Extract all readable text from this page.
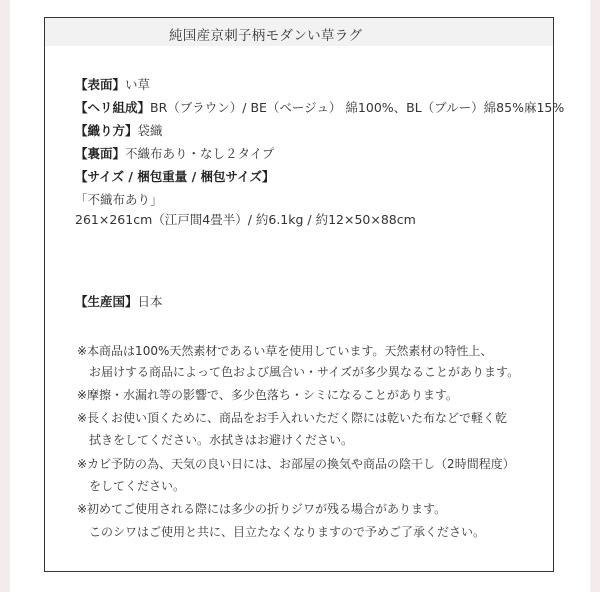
純国産京刺子柄モダンい草ラグ
【表面】い草
【ヘリ組成】BR（ブラウン）/ BE（ベージュ） 綿100%、BL（ブルー）綿85%麻15%
【織り方】袋織
【裏面】不織布あり・なし２タイプ
【サイズ / 梱包重量 / 梱包サイズ】
「不織布あり」
261×261cm（江戸間4畳半）/ 約6.1kg / 約12×50×88cm
【生産国】日本
※本商品は100%天然素材であるい草を使用しています。天然素材の特性上、
お届けする商品によって色および風合い・サイズが多少異なることがあります。
※摩擦・水漏れ等の影響で、多少色落ち・シミになることがあります。
※長くお使い頂くために、商品をお手入れいただく際には乾いた布などで軽く乾
拭きをしてください。水拭きはお避けください。
※カビ予防の為、天気の良い日には、お部屋の換気や商品の陰干し（2時間程度）
をしてください。
※初めてご使用される際には多少の折りジワが残る場合があります。
このシワはご使用と共に、目立たなくなりますので予めご了承ください。
